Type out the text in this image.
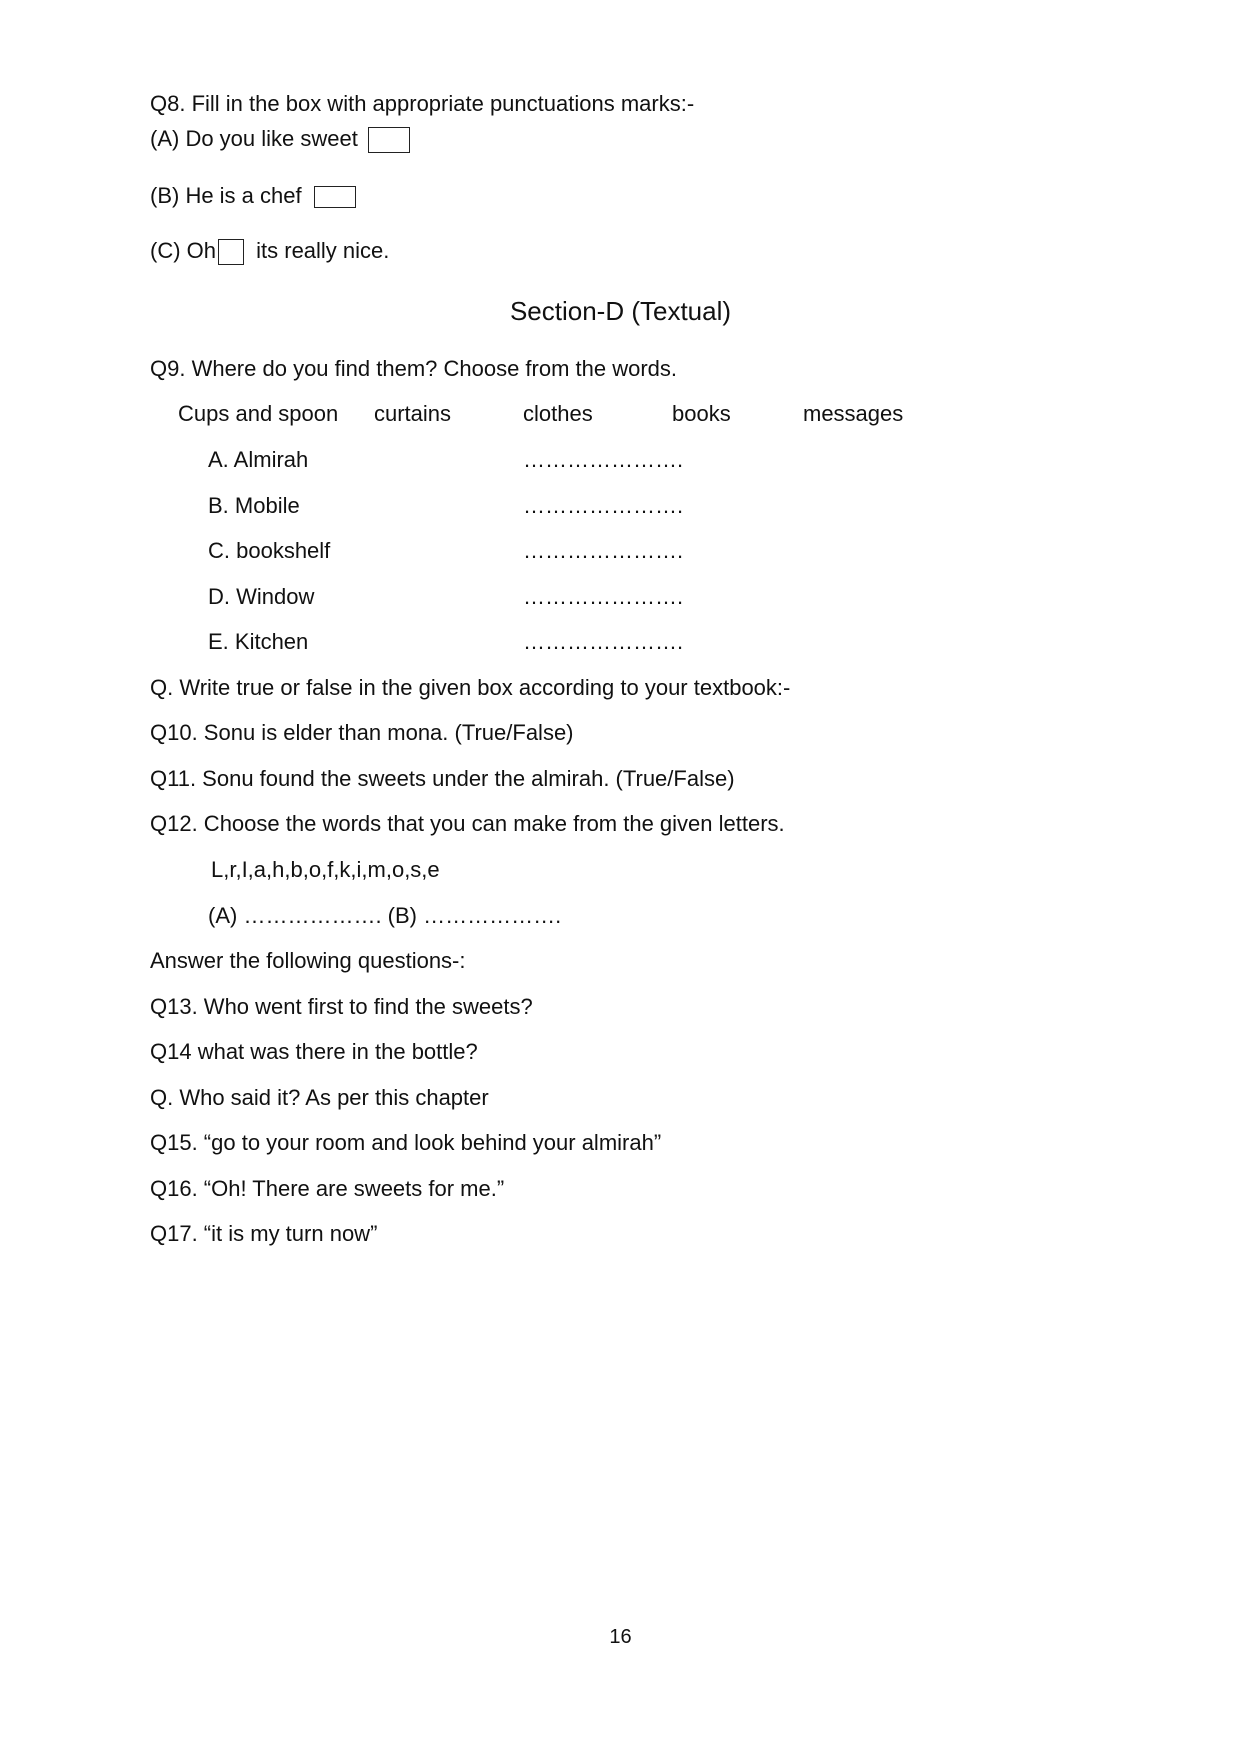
Q8. Fill in the box with appropriate punctuations marks:-
(A) Do you like sweet
(B) He is a chef
(C) Oh its really nice.
Section-D (Textual)
Q9. Where do you find them? Choose from the words.
Cups and spoon curtains	clothes	books	messages
A. Almirah	………………….
B. Mobile	………………….
C. bookshelf	………………….
D. Window	………………….
E. Kitchen	………………….
Q. Write true or false in the given box according to your textbook:-
Q10. Sonu is elder than mona. (True/False)
Q11. Sonu found the sweets under the almirah. (True/False)
Q12. Choose the words that you can make from the given letters.
L,r,I,a,h,b,o,f,k,i,m,o,s,e
(A) ………………. (B) ……………….
Answer the following questions-:
Q13. Who went first to find the sweets?
Q14 what was there in the bottle?
Q. Who said it? As per this chapter
Q15. “go to your room and look behind your almirah”
Q16. “Oh! There are sweets for me.”
Q17. “it is my turn now”
16
